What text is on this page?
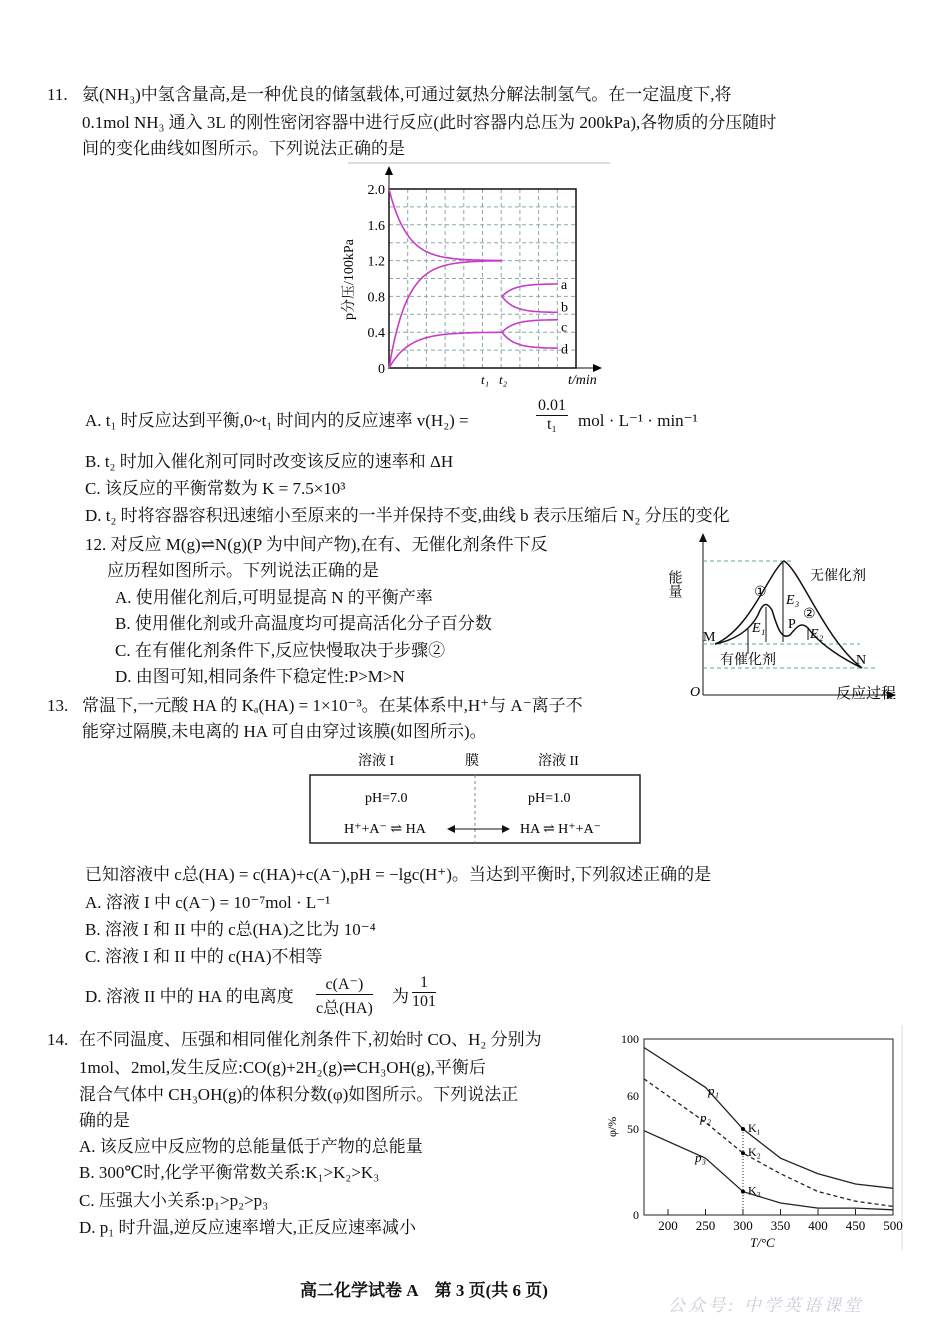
11. 氨(NH₃)中氢含量高,是一种优良的储氢载体,可通过氨热分解法制氢气。在一定温度下,将
0.1mol NH₃ 通入 3L 的刚性密闭容器中进行反应(此时容器内总压为 200kPa),各物质的分压随时
间的变化曲线如图所示。下列说法正确的是
0
0.4
0.8
1.2
1.6
2.0
t₁ t₂	t/min
p分压/100kPa	a
b
c
d
A. t₁ 时反应达到平衡,0~t₁ 时间内的反应速率 v(H₂) =	$\frac{0.01}{\text{t₁}}$ mol · L⁻¹ · min⁻¹
B. t₂ 时加入催化剂可同时改变该反应的速率和 ΔH
C. 该反应的平衡常数为 K = 7.5×10³
D. t₂ 时将容器容积迅速缩小至原来的一半并保持不变,曲线 b 表示压缩后 N₂ 分压的变化
12. 对反应 M(g)⇌N(g)(P 为中间产物),在有、无催化剂条件下反
应历程如图所示。下列说法正确的是
A. 使用催化剂后,可明显提高 N 的平衡产率
B. 使用催化剂或升高温度均可提高活化分子百分数
C. 在有催化剂条件下,反应快慢取决于步骤②
D. 由图可知,相同条件下稳定性:P>M>N
能量
反应过程
O
无催化剂
有催化剂
M
N
P
①
②
E₁	E₂
E₃
13. 常温下,一元酸 HA 的 Kₐ(HA) = 1×10⁻³。在某体系中,H⁺与 A⁻离子不
能穿过隔膜,未电离的 HA 可自由穿过该膜(如图所示)。
溶液 I	膜	溶液 II
pH=7.0	pH=1.0
H⁺+A⁻ ⇌ HA	HA ⇌ H⁺+A⁻
已知溶液中 c总(HA) = c(HA)+c(A⁻),pH = −lgc(H⁺)。当达到平衡时,下列叙述正确的是
A. 溶液 I 中 c(A⁻) = 10⁻⁷mol · L⁻¹
B. 溶液 I 和 II 中的 c总(HA)之比为 10⁻⁴
C. 溶液 I 和 II 中的 c(HA)不相等
D. 溶液 II 中的 HA 的电离度
c(A⁻)
c总(HA)
为 $\frac{1}{101}$
14. 在不同温度、压强和相同催化剂条件下,初始时 CO、H₂ 分别为
1mol、2mol,发生反应:CO(g)+2H₂(g)⇌CH₃OH(g),平衡后
混合气体中 CH₃OH(g)的体积分数(φ)如图所示。下列说法正
确的是
A. 该反应中反应物的总能量低于产物的总能量
B. 300℃时,化学平衡常数关系:K₁>K₂>K₃
C. 压强大小关系:p₁>p₂>p₃
D. p₁ 时升温,逆反应速率增大,正反应速率减小
0
50
60
100
200 250 300 350 400 450 500
T/°C
φ/%
p₁
p₂
p₃
K₁
K₂
K₃
高二化学试卷 A　第 3 页(共 6 页)
公众号: 中学英语课堂
